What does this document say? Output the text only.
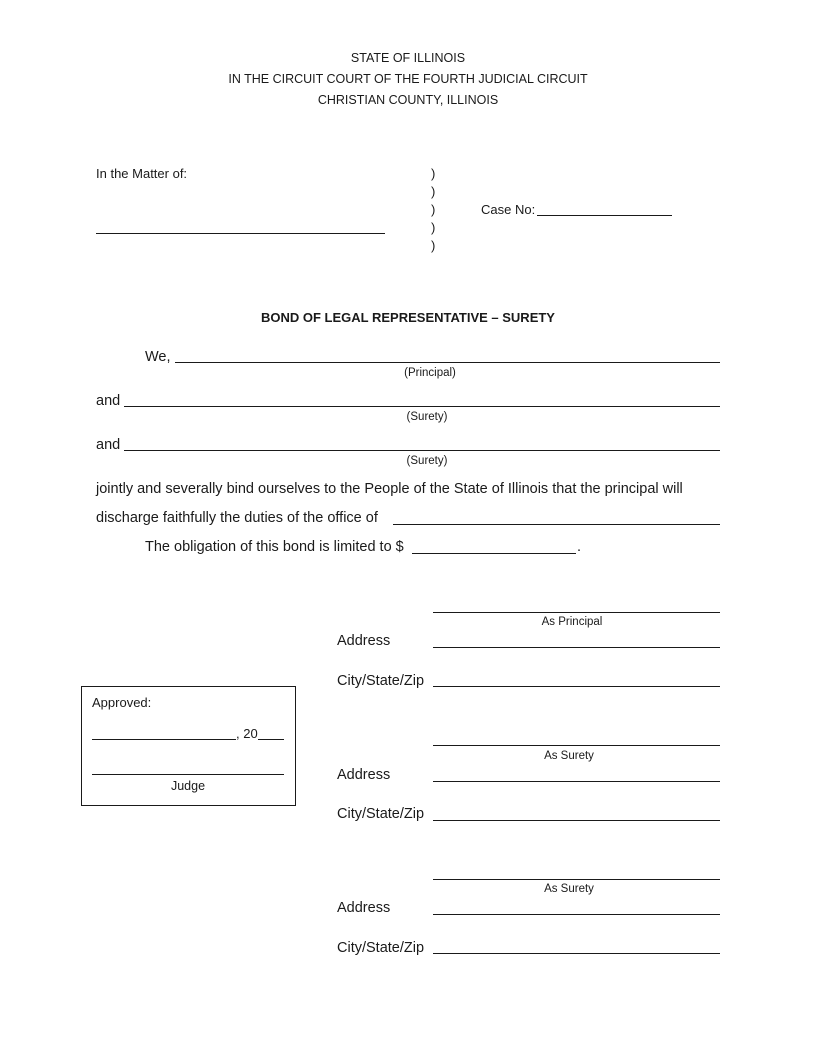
STATE OF ILLINOIS
IN THE CIRCUIT COURT OF THE FOURTH JUDICIAL CIRCUIT
CHRISTIAN COUNTY, ILLINOIS
In the Matter of:	)
)
)
)
)
Case No:
BOND OF LEGAL REPRESENTATIVE – SURETY
We,
(Principal)
and
(Surety)
and
(Surety)
jointly and severally bind ourselves to the People of the State of Illinois that the principal will
discharge faithfully the duties of the office of
The obligation of this bond is limited to $	.
As Principal
Address
City/State/Zip
As Surety
Address
City/State/Zip
As Surety
Address
City/State/Zip
Approved:
, 20
Judge
